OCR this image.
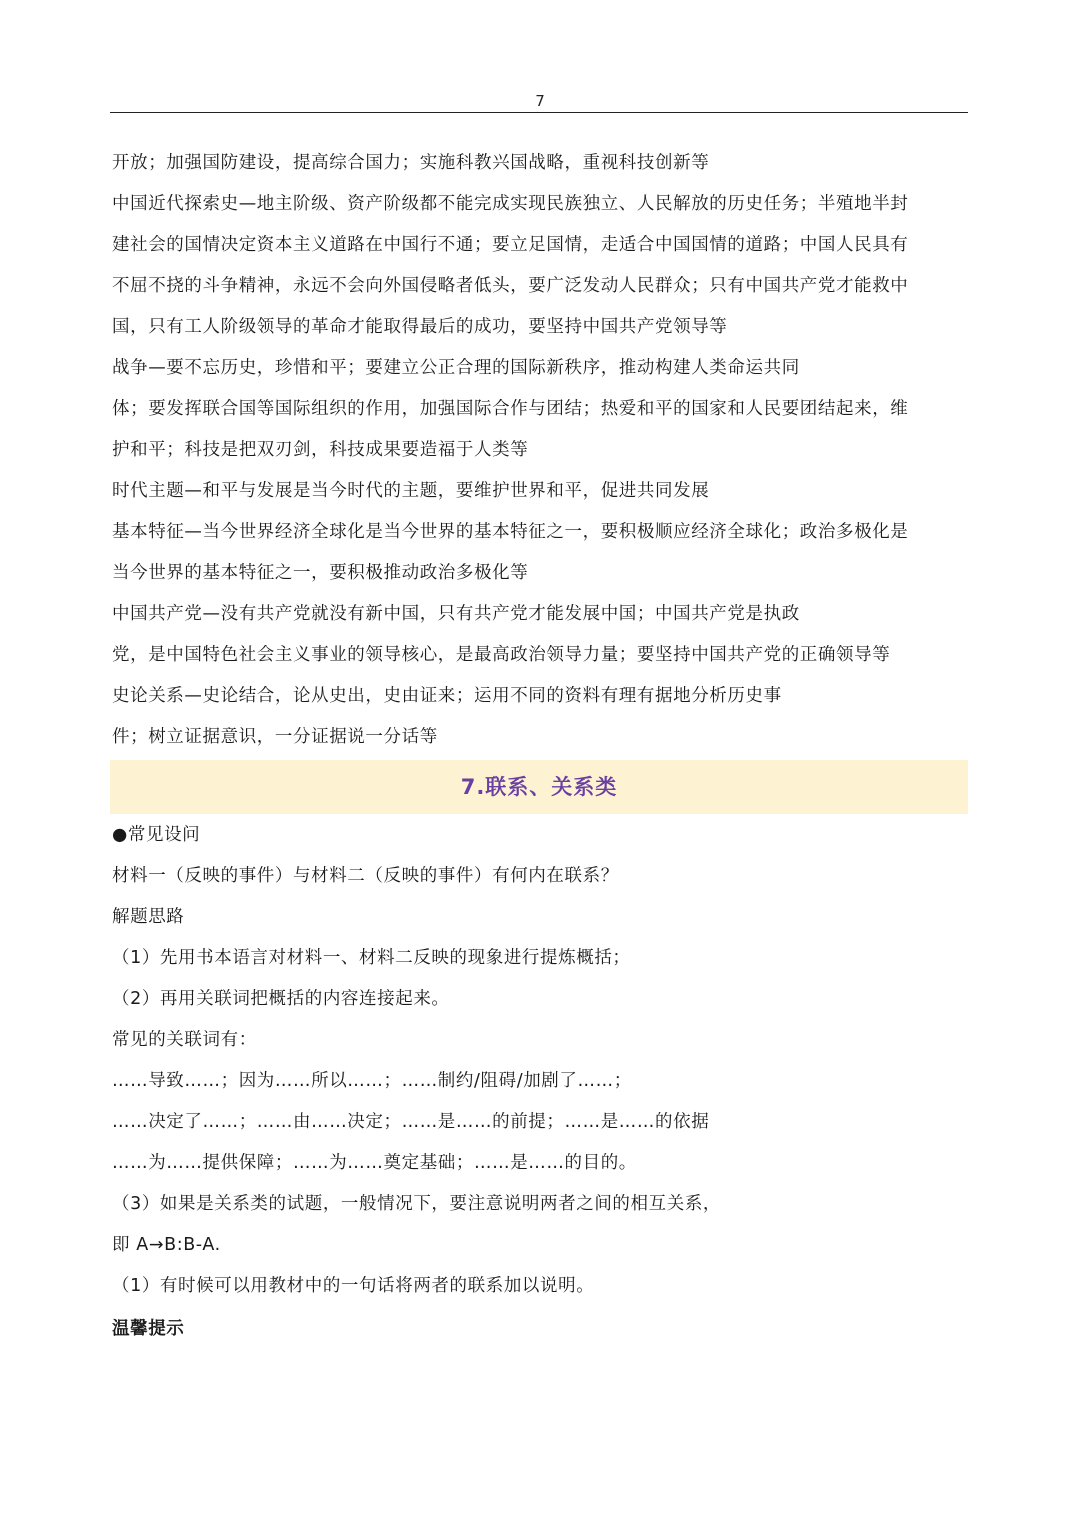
7
开放；加强国防建设，提高综合国力；实施科教兴国战略，重视科技创新等
中国近代探索史—地主阶级、资产阶级都不能完成实现民族独立、人民解放的历史任务；半殖地半封
建社会的国情决定资本主义道路在中国行不通；要立足国情，走适合中国国情的道路；中国人民具有
不屈不挠的斗争精神，永远不会向外国侵略者低头，要广泛发动人民群众；只有中国共产党才能救中
国，只有工人阶级领导的革命才能取得最后的成功，要坚持中国共产党领导等
战争—要不忘历史，珍惜和平；要建立公正合理的国际新秩序，推动构建人类命运共同
体；要发挥联合国等国际组织的作用，加强国际合作与团结；热爱和平的国家和人民要团结起来，维
护和平；科技是把双刃剑，科技成果要造福于人类等
时代主题—和平与发展是当今时代的主题，要维护世界和平，促进共同发展
基本特征—当今世界经济全球化是当今世界的基本特征之一，要积极顺应经济全球化；政治多极化是
当今世界的基本特征之一，要积极推动政治多极化等
中国共产党—没有共产党就没有新中国，只有共产党才能发展中国；中国共产党是执政
党，是中国特色社会主义事业的领导核心，是最高政治领导力量；要坚持中国共产党的正确领导等
史论关系—史论结合，论从史出，史由证来；运用不同的资料有理有据地分析历史事
件；树立证据意识，一分证据说一分话等
7.联系、关系类
●常见设问
材料一（反映的事件）与材料二（反映的事件）有何内在联系？
解题思路
（1）先用书本语言对材料一、材料二反映的现象进行提炼概括；
（2）再用关联词把概括的内容连接起来。
常见的关联词有：
……导致……；因为……所以……；……制约/阻碍/加剧了……；
……决定了……；……由……决定；……是……的前提；……是……的依据
……为……提供保障；……为……奠定基础；……是……的目的。
（3）如果是关系类的试题，一般情况下，要注意说明两者之间的相互关系，
即 A→B:B-A.
（1）有时候可以用教材中的一句话将两者的联系加以说明。
温馨提示
